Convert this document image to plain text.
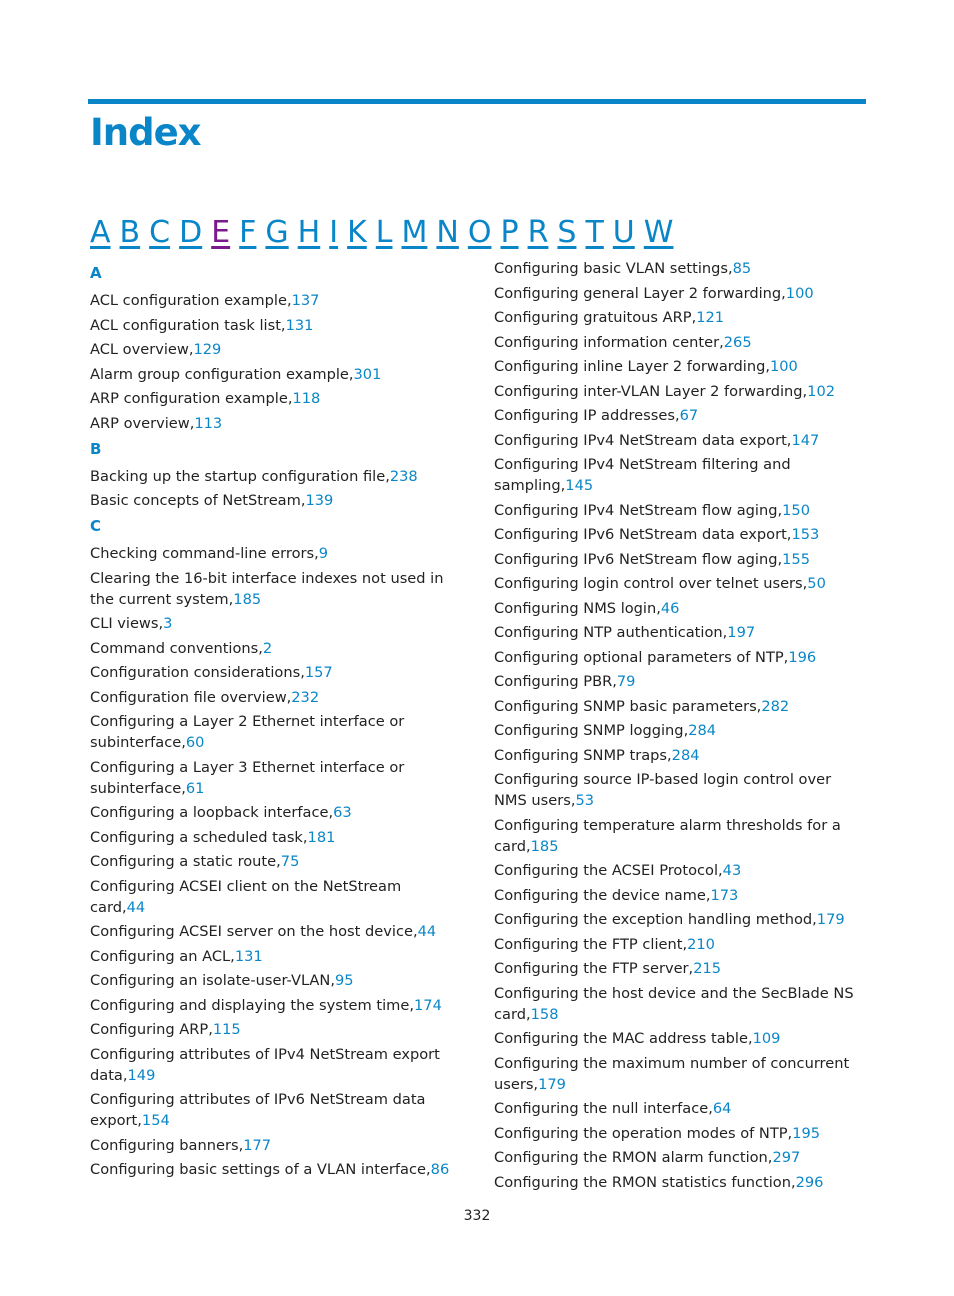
Index
A B C D E F G H I K L M N O P R S T U W
A
ACL configuration example,137
ACL configuration task list,131
ACL overview,129
Alarm group configuration example,301
ARP configuration example,118
ARP overview,113
B
Backing up the startup configuration file,238
Basic concepts of NetStream,139
C
Checking command-line errors,9
Clearing the 16-bit interface indexes not used in the current system,185
CLI views,3
Command conventions,2
Configuration considerations,157
Configuration file overview,232
Configuring a Layer 2 Ethernet interface or subinterface,60
Configuring a Layer 3 Ethernet interface or subinterface,61
Configuring a loopback interface,63
Configuring a scheduled task,181
Configuring a static route,75
Configuring ACSEI client on the NetStream card,44
Configuring ACSEI server on the host device,44
Configuring an ACL,131
Configuring an isolate-user-VLAN,95
Configuring and displaying the system time,174
Configuring ARP,115
Configuring attributes of IPv4 NetStream export data,149
Configuring attributes of IPv6 NetStream data export,154
Configuring banners,177
Configuring basic settings of a VLAN interface,86
Configuring basic VLAN settings,85
Configuring general Layer 2 forwarding,100
Configuring gratuitous ARP,121
Configuring information center,265
Configuring inline Layer 2 forwarding,100
Configuring inter-VLAN Layer 2 forwarding,102
Configuring IP addresses,67
Configuring IPv4 NetStream data export,147
Configuring IPv4 NetStream filtering and sampling,145
Configuring IPv4 NetStream flow aging,150
Configuring IPv6 NetStream data export,153
Configuring IPv6 NetStream flow aging,155
Configuring login control over telnet users,50
Configuring NMS login,46
Configuring NTP authentication,197
Configuring optional parameters of NTP,196
Configuring PBR,79
Configuring SNMP basic parameters,282
Configuring SNMP logging,284
Configuring SNMP traps,284
Configuring source IP-based login control over NMS users,53
Configuring temperature alarm thresholds for a card,185
Configuring the ACSEI Protocol,43
Configuring the device name,173
Configuring the exception handling method,179
Configuring the FTP client,210
Configuring the FTP server,215
Configuring the host device and the SecBlade NS card,158
Configuring the MAC address table,109
Configuring the maximum number of concurrent users,179
Configuring the null interface,64
Configuring the operation modes of NTP,195
Configuring the RMON alarm function,297
Configuring the RMON statistics function,296
332
